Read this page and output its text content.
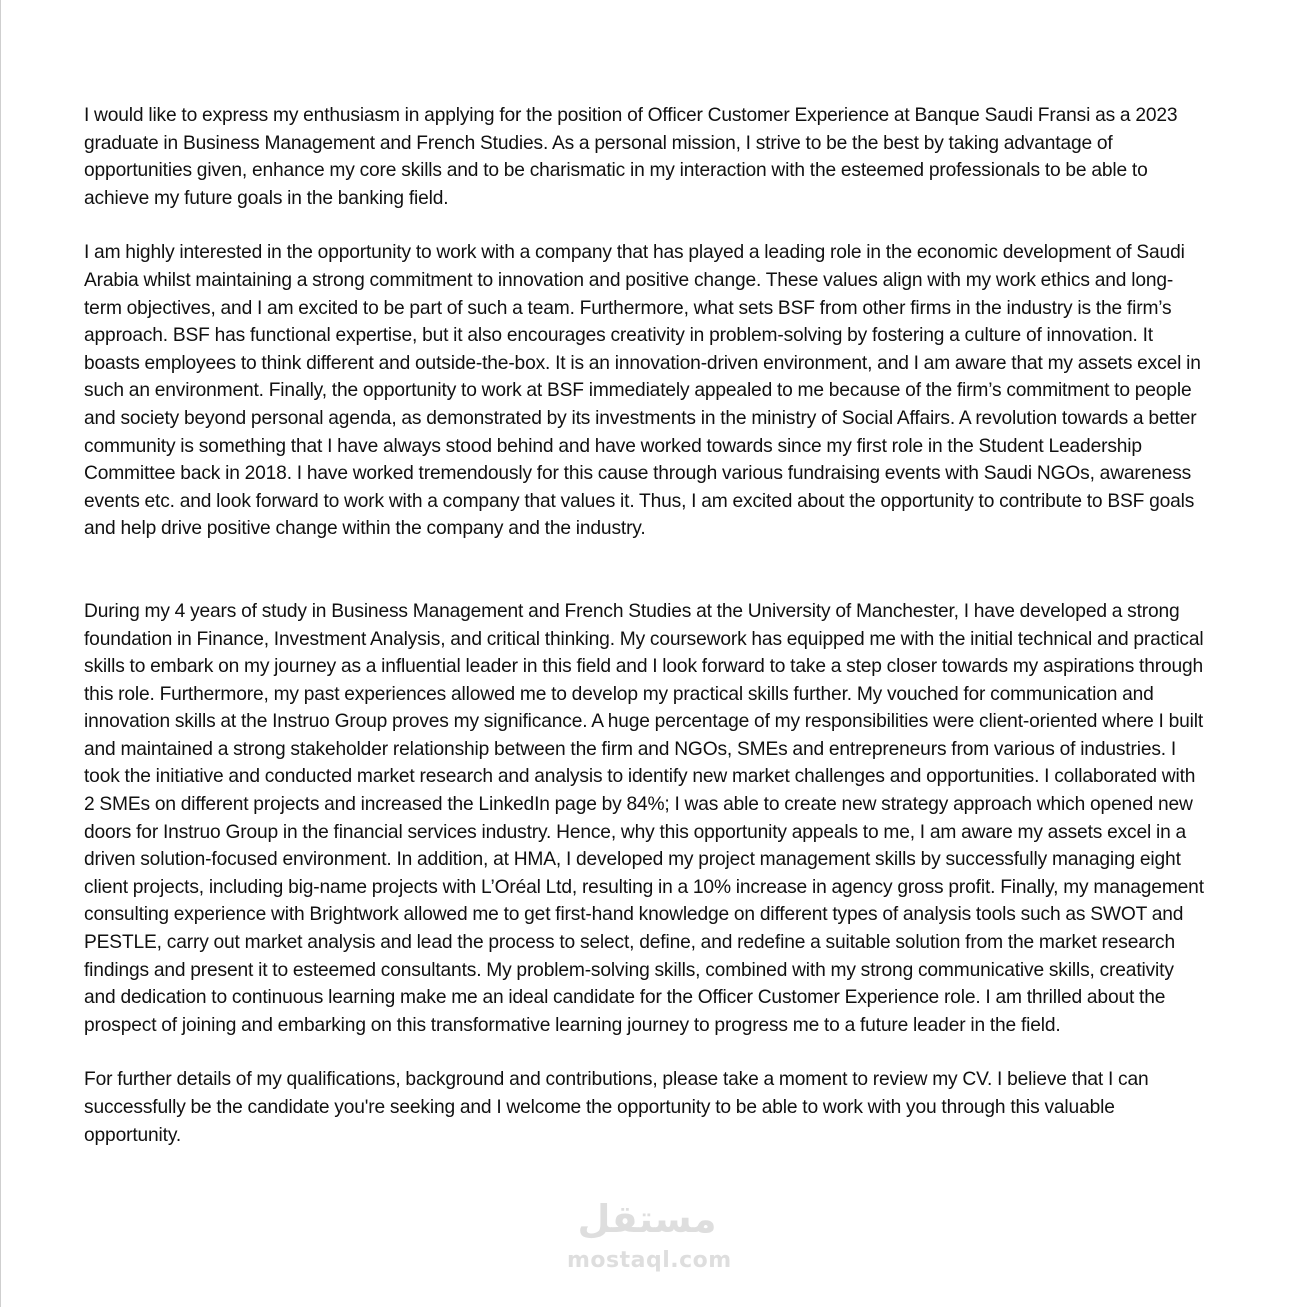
I would like to express my enthusiasm in applying for the position of Officer Customer Experience at Banque Saudi Fransi as a 2023 graduate in Business Management and French Studies. As a personal mission, I strive to be the best by taking advantage of opportunities given, enhance my core skills and to be charismatic in my interaction with the esteemed professionals to be able to achieve my future goals in the banking field.

I am highly interested in the opportunity to work with a company that has played a leading role in the economic development of Saudi Arabia whilst maintaining a strong commitment to innovation and positive change. These values align with my work ethics and long-term objectives, and I am excited to be part of such a team. Furthermore, what sets BSF from other firms in the industry is the firm’s approach. BSF has functional expertise, but it also encourages creativity in problem-solving by fostering a culture of innovation. It boasts employees to think different and outside-the-box. It is an innovation-driven environment, and I am aware that my assets excel in such an environment. Finally, the opportunity to work at BSF immediately appealed to me because of the firm’s commitment to people and society beyond personal agenda, as demonstrated by its investments in the ministry of Social Affairs. A revolution towards a better community is something that I have always stood behind and have worked towards since my first role in the Student Leadership Committee back in 2018. I have worked tremendously for this cause through various fundraising events with Saudi NGOs, awareness events etc. and look forward to work with a company that values it. Thus, I am excited about the opportunity to contribute to BSF goals and help drive positive change within the company and the industry.

During my 4 years of study in Business Management and French Studies at the University of Manchester, I have developed a strong foundation in Finance, Investment Analysis, and critical thinking. My coursework has equipped me with the initial technical and practical skills to embark on my journey as a influential leader in this field and I look forward to take a step closer towards my aspirations through this role. Furthermore, my past experiences allowed me to develop my practical skills further. My vouched for communication and innovation skills at the Instruo Group proves my significance. A huge percentage of my responsibilities were client-oriented where I built and maintained a strong stakeholder relationship between the firm and NGOs, SMEs and entrepreneurs from various of industries. I took the initiative and conducted market research and analysis to identify new market challenges and opportunities. I collaborated with 2 SMEs on different projects and increased the LinkedIn page by 84%; I was able to create new strategy approach which opened new doors for Instruo Group in the financial services industry. Hence, why this opportunity appeals to me, I am aware my assets excel in a driven solution-focused environment. In addition, at HMA, I developed my project management skills by successfully managing eight client projects, including big-name projects with L’Oréal Ltd, resulting in a 10% increase in agency gross profit. Finally, my management consulting experience with Brightwork allowed me to get first-hand knowledge on different types of analysis tools such as SWOT and PESTLE, carry out market analysis and lead the process to select, define, and redefine a suitable solution from the market research findings and present it to esteemed consultants. My problem-solving skills, combined with my strong communicative skills, creativity and dedication to continuous learning make me an ideal candidate for the Officer Customer Experience role. I am thrilled about the prospect of joining and embarking on this transformative learning journey to progress me to a future leader in the field.

For further details of my qualifications, background and contributions, please take a moment to review my CV. I believe that I can successfully be the candidate you're seeking and I welcome the opportunity to be able to work with you through this valuable opportunity.

مستقل
mostaql.com
